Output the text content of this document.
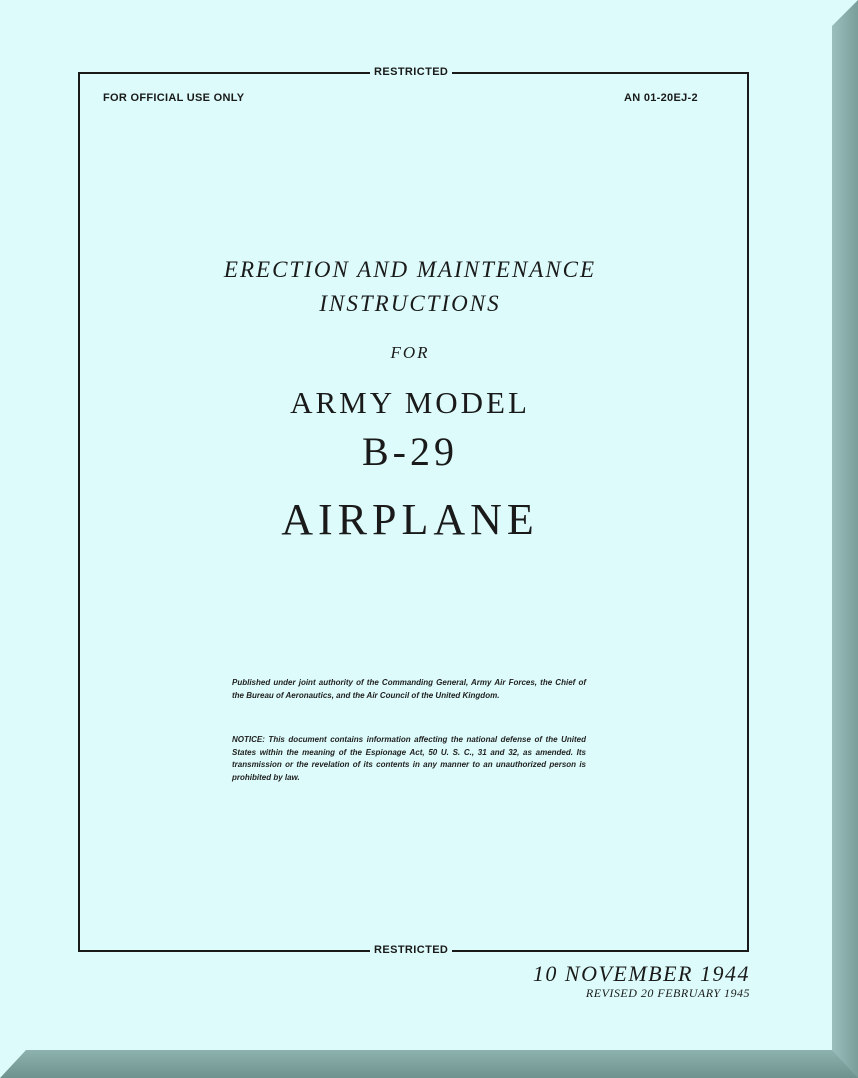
RESTRICTED
FOR OFFICIAL USE ONLY	AN 01-20EJ-2
ERECTION AND MAINTENANCE
INSTRUCTIONS
FOR
ARMY MODEL
B-29
AIRPLANE
Published under joint authority of the Commanding General, Army Air Forces, the Chief of the Bureau of Aeronautics, and the Air Council of the United Kingdom.
NOTICE: This document contains information affecting the national defense of the United States within the meaning of the Espionage Act, 50 U. S. C., 31 and 32, as amended. Its transmission or the revelation of its contents in any manner to an unauthorized person is prohibited by law.
RESTRICTED
10 NOVEMBER 1944
REVISED 20 FEBRUARY 1945
